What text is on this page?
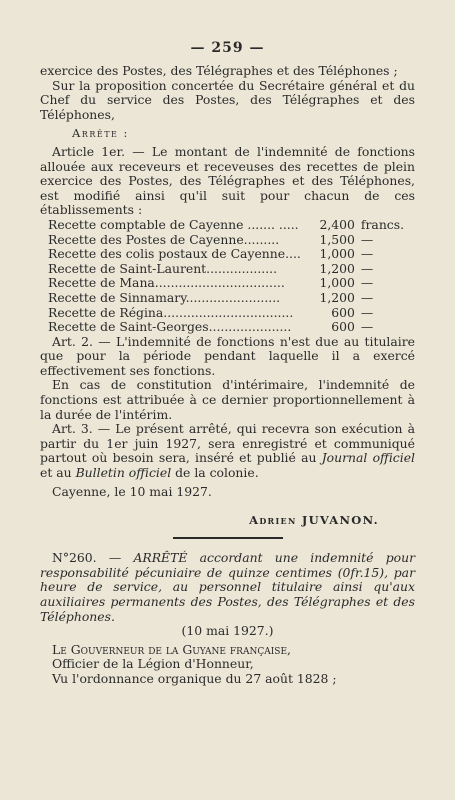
— 259 —

exercice des Postes, des Télégraphes et des Téléphones ;

Sur la proposition concertée du Secrétaire général et du Chef du service des Postes, des Télégraphes et des Téléphones,

Arrête :

Article 1er. — Le montant de l'indemnité de fonctions allouée aux receveurs et receveuses des recettes de plein exercice des Postes, des Télégraphes et des Téléphones, est modifié ainsi qu'il suit pour chacun de ces établissements :

Recette comptable de Cayenne ....... .....	2,400	francs.
Recette des Postes de Cayenne.........	1,500	—
Recette des colis postaux de Cayenne....	1,000	—
Recette de Saint-Laurent..................	1,200	—
Recette de Mana.................................	1,000	—
Recette de Sinnamary........................	1,200	—
Recette de Régina.................................	600	—
Recette de Saint-Georges.....................	600	—

Art. 2. — L'indemnité de fonctions n'est due au titulaire que pour la période pendant laquelle il a exercé effectivement ses fonctions.

En cas de constitution d'intérimaire, l'indemnité de fonctions est attribuée à ce dernier proportionnellement à la durée de l'intérim.

Art. 3. — Le présent arrêté, qui recevra son exécution à partir du 1er juin 1927, sera enregistré et communiqué partout où besoin sera, inséré et publié au Journal officiel et au Bulletin officiel de la colonie.

Cayenne, le 10 mai 1927.

Adrien JUVANON.

N°260. — ARRÊTÉ accordant une indemnité pour responsabilité pécuniaire de quinze centimes (0fr.15), par heure de service, au personnel titulaire ainsi qu'aux auxiliaires permanents des Postes, des Télégraphes et des Téléphones.

(10 mai 1927.)

Le Gouverneur de la Guyane française,

Officier de la Légion d'Honneur,

Vu l'ordonnance organique du 27 août 1828 ;
